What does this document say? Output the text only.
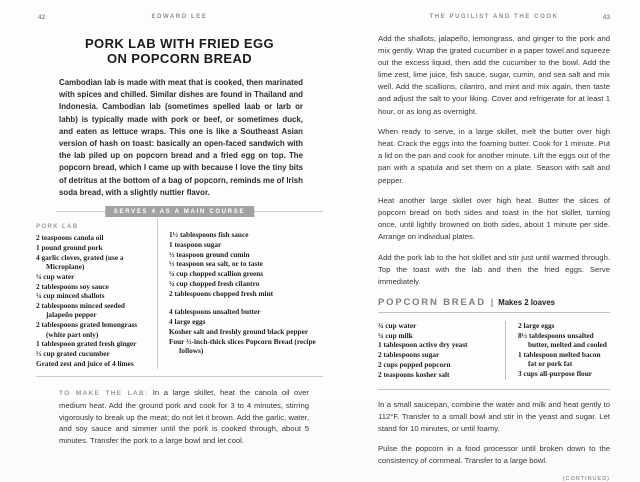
42	EDWARD LEE
PORK LAB WITH FRIED EGG
ON POPCORN BREAD
Cambodian lab is made with meat that is cooked, then marinated with spices and chilled. Similar dishes are found in Thailand and Indonesia. Cambodian lab (sometimes spelled laab or larb or lahb) is typically made with pork or beef, or sometimes duck, and eaten as lettuce wraps. This one is like a Southeast Asian version of hash on toast: basically an open-faced sandwich with the lab piled up on popcorn bread and a fried egg on top. The popcorn bread, which I came up with because I love the tiny bits of detritus at the bottom of a bag of popcorn, reminds me of Irish soda bread, with a slightly nuttier flavor.
SERVES 4 AS A MAIN COURSE
PORK LAB
2 teaspoons canola oil
1 pound ground pork
4 garlic cloves, grated (use a Microplane)
¼ cup water
2 tablespoons soy sauce
¼ cup minced shallots
2 tablespoons minced seeded jalapeño pepper
2 tablespoons grated lemongrass (white part only)
1 tablespoon grated fresh ginger
½ cup grated cucumber
Grated zest and juice of 4 limes
1½ tablespoons fish sauce
1 teaspoon sugar
½ teaspoon ground cumin
½ teaspoon sea salt, or to taste
¼ cup chopped scallion greens
¼ cup chopped fresh cilantro
2 tablespoons chopped fresh mint
4 tablespoons unsalted butter
4 large eggs
Kosher salt and freshly ground black pepper
Four ½-inch-thick slices Popcorn Bread (recipe follows)
TO MAKE THE LAB: In a large skillet, heat the canola oil over medium heat. Add the ground pork and cook for 3 to 4 minutes, stirring vigorously to break up the meat; do not let it brown. Add the garlic, water, and soy sauce and simmer until the pork is cooked through, about 5 minutes. Transfer the pork to a large bowl and let cool.
THE PUGILIST AND THE COOK	43
Add the shallots, jalapeño, lemongrass, and ginger to the pork and mix gently. Wrap the grated cucumber in a paper towel and squeeze out the excess liquid, then add the cucumber to the bowl. Add the lime zest, lime juice, fish sauce, sugar, cumin, and sea salt and mix well. Add the scallions, cilantro, and mint and mix again, then taste and adjust the salt to your liking. Cover and refrigerate for at least 1 hour, or as long as overnight.
When ready to serve, in a large skillet, melt the butter over high heat. Crack the eggs into the foaming butter. Cook for 1 minute. Put a lid on the pan and cook for another minute. Lift the eggs out of the pan with a spatula and set them on a plate. Season with salt and pepper.
Heat another large skillet over high heat. Butter the slices of popcorn bread on both sides and toast in the hot skillet, turning once, until lightly browned on both sides, about 1 minute per side. Arrange on individual plates.
Add the pork lab to the hot skillet and stir just until warmed through. Top the toast with the lab and then the fried eggs. Serve immediately.
POPCORN BREAD | Makes 2 loaves
¾ cup water
¼ cup milk
1 tablespoon active dry yeast
2 tablespoons sugar
2 cups popped popcorn
2 teaspoons kosher salt
2 large eggs
8½ tablespoons unsalted butter, melted and cooled
1 tablespoon melted bacon fat or pork fat
3 cups all-purpose flour
In a small saucepan, combine the water and milk and heat gently to 112°F. Transfer to a small bowl and stir in the yeast and sugar. Let stand for 10 minutes, or until foamy.
Pulse the popcorn in a food processor until broken down to the consistency of cornmeal. Transfer to a large bowl.
(CONTINUED)
